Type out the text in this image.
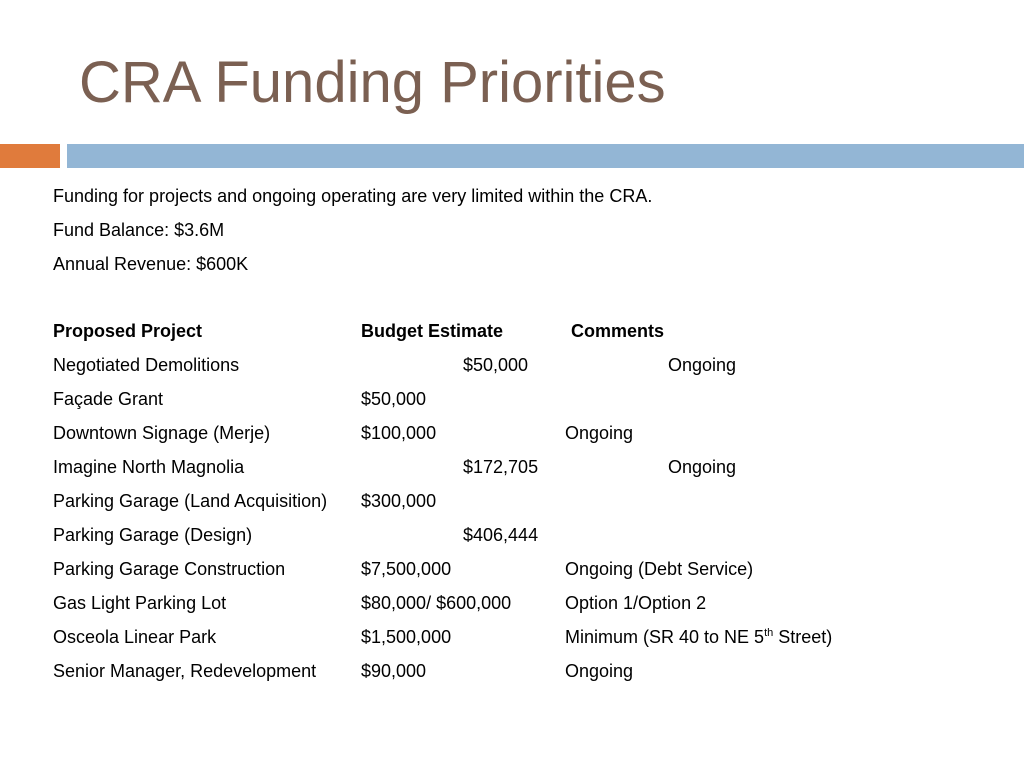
CRA Funding Priorities
Funding for projects and ongoing operating are very limited within the CRA.
Fund Balance: $3.6M
Annual Revenue: $600K
Proposed Project	Budget Estimate	Comments
Negotiated Demolitions	$50,000	Ongoing
Façade Grant	$50,000
Downtown Signage (Merje)	$100,000	Ongoing
Imagine North Magnolia	$172,705	Ongoing
Parking Garage (Land Acquisition) $300,000
Parking Garage (Design)	$406,444
Parking Garage Construction	$7,500,000	Ongoing (Debt Service)
Gas Light Parking Lot	$80,000/ $600,000	Option 1/Option 2
Osceola Linear Park	$1,500,000	Minimum (SR 40 to NE 5th Street)
Senior Manager, Redevelopment $90,000	Ongoing
